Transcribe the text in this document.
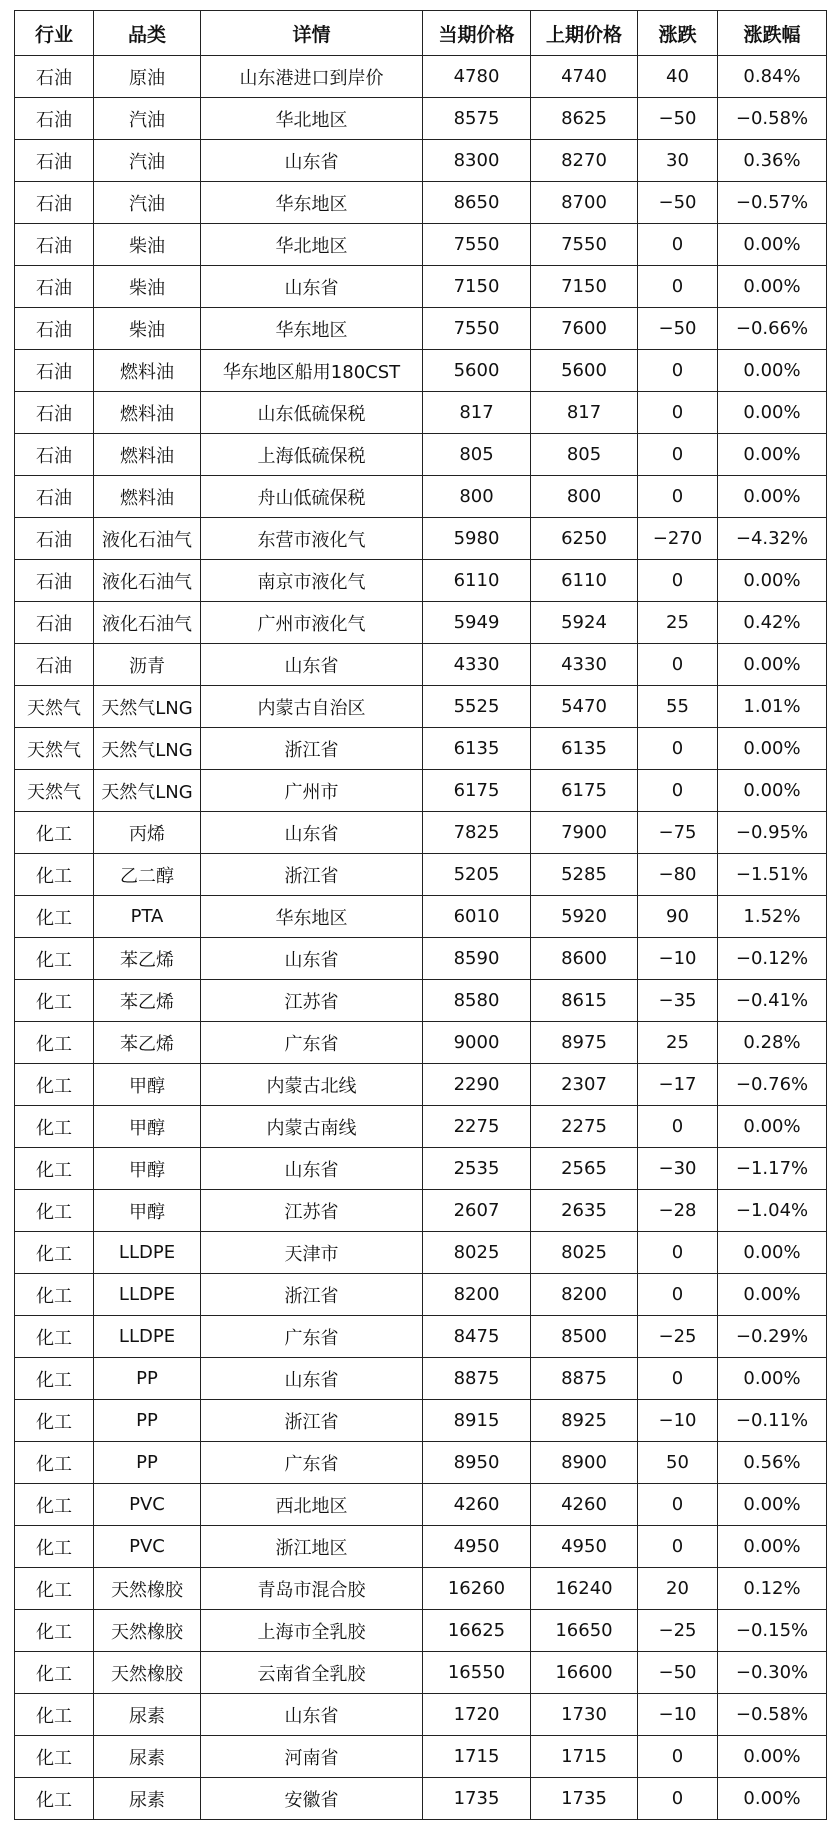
行业	品类	详情	当期价格	上期价格	涨跌	涨跌幅
石油	原油	山东港进口到岸价	4780	4740	40	0.84%
石油	汽油	华北地区	8575	8625	−50	−0.58%
石油	汽油	山东省	8300	8270	30	0.36%
石油	汽油	华东地区	8650	8700	−50	−0.57%
石油	柴油	华北地区	7550	7550	0	0.00%
石油	柴油	山东省	7150	7150	0	0.00%
石油	柴油	华东地区	7550	7600	−50	−0.66%
石油	燃料油	华东地区船用180CST	5600	5600	0	0.00%
石油	燃料油	山东低硫保税	817	817	0	0.00%
石油	燃料油	上海低硫保税	805	805	0	0.00%
石油	燃料油	舟山低硫保税	800	800	0	0.00%
石油	液化石油气	东营市液化气	5980	6250	−270	−4.32%
石油	液化石油气	南京市液化气	6110	6110	0	0.00%
石油	液化石油气	广州市液化气	5949	5924	25	0.42%
石油	沥青	山东省	4330	4330	0	0.00%
天然气	天然气LNG	内蒙古自治区	5525	5470	55	1.01%
天然气	天然气LNG	浙江省	6135	6135	0	0.00%
天然气	天然气LNG	广州市	6175	6175	0	0.00%
化工	丙烯	山东省	7825	7900	−75	−0.95%
化工	乙二醇	浙江省	5205	5285	−80	−1.51%
化工	PTA	华东地区	6010	5920	90	1.52%
化工	苯乙烯	山东省	8590	8600	−10	−0.12%
化工	苯乙烯	江苏省	8580	8615	−35	−0.41%
化工	苯乙烯	广东省	9000	8975	25	0.28%
化工	甲醇	内蒙古北线	2290	2307	−17	−0.76%
化工	甲醇	内蒙古南线	2275	2275	0	0.00%
化工	甲醇	山东省	2535	2565	−30	−1.17%
化工	甲醇	江苏省	2607	2635	−28	−1.04%
化工	LLDPE	天津市	8025	8025	0	0.00%
化工	LLDPE	浙江省	8200	8200	0	0.00%
化工	LLDPE	广东省	8475	8500	−25	−0.29%
化工	PP	山东省	8875	8875	0	0.00%
化工	PP	浙江省	8915	8925	−10	−0.11%
化工	PP	广东省	8950	8900	50	0.56%
化工	PVC	西北地区	4260	4260	0	0.00%
化工	PVC	浙江地区	4950	4950	0	0.00%
化工	天然橡胶	青岛市混合胶	16260	16240	20	0.12%
化工	天然橡胶	上海市全乳胶	16625	16650	−25	−0.15%
化工	天然橡胶	云南省全乳胶	16550	16600	−50	−0.30%
化工	尿素	山东省	1720	1730	−10	−0.58%
化工	尿素	河南省	1715	1715	0	0.00%
化工	尿素	安徽省	1735	1735	0	0.00%
